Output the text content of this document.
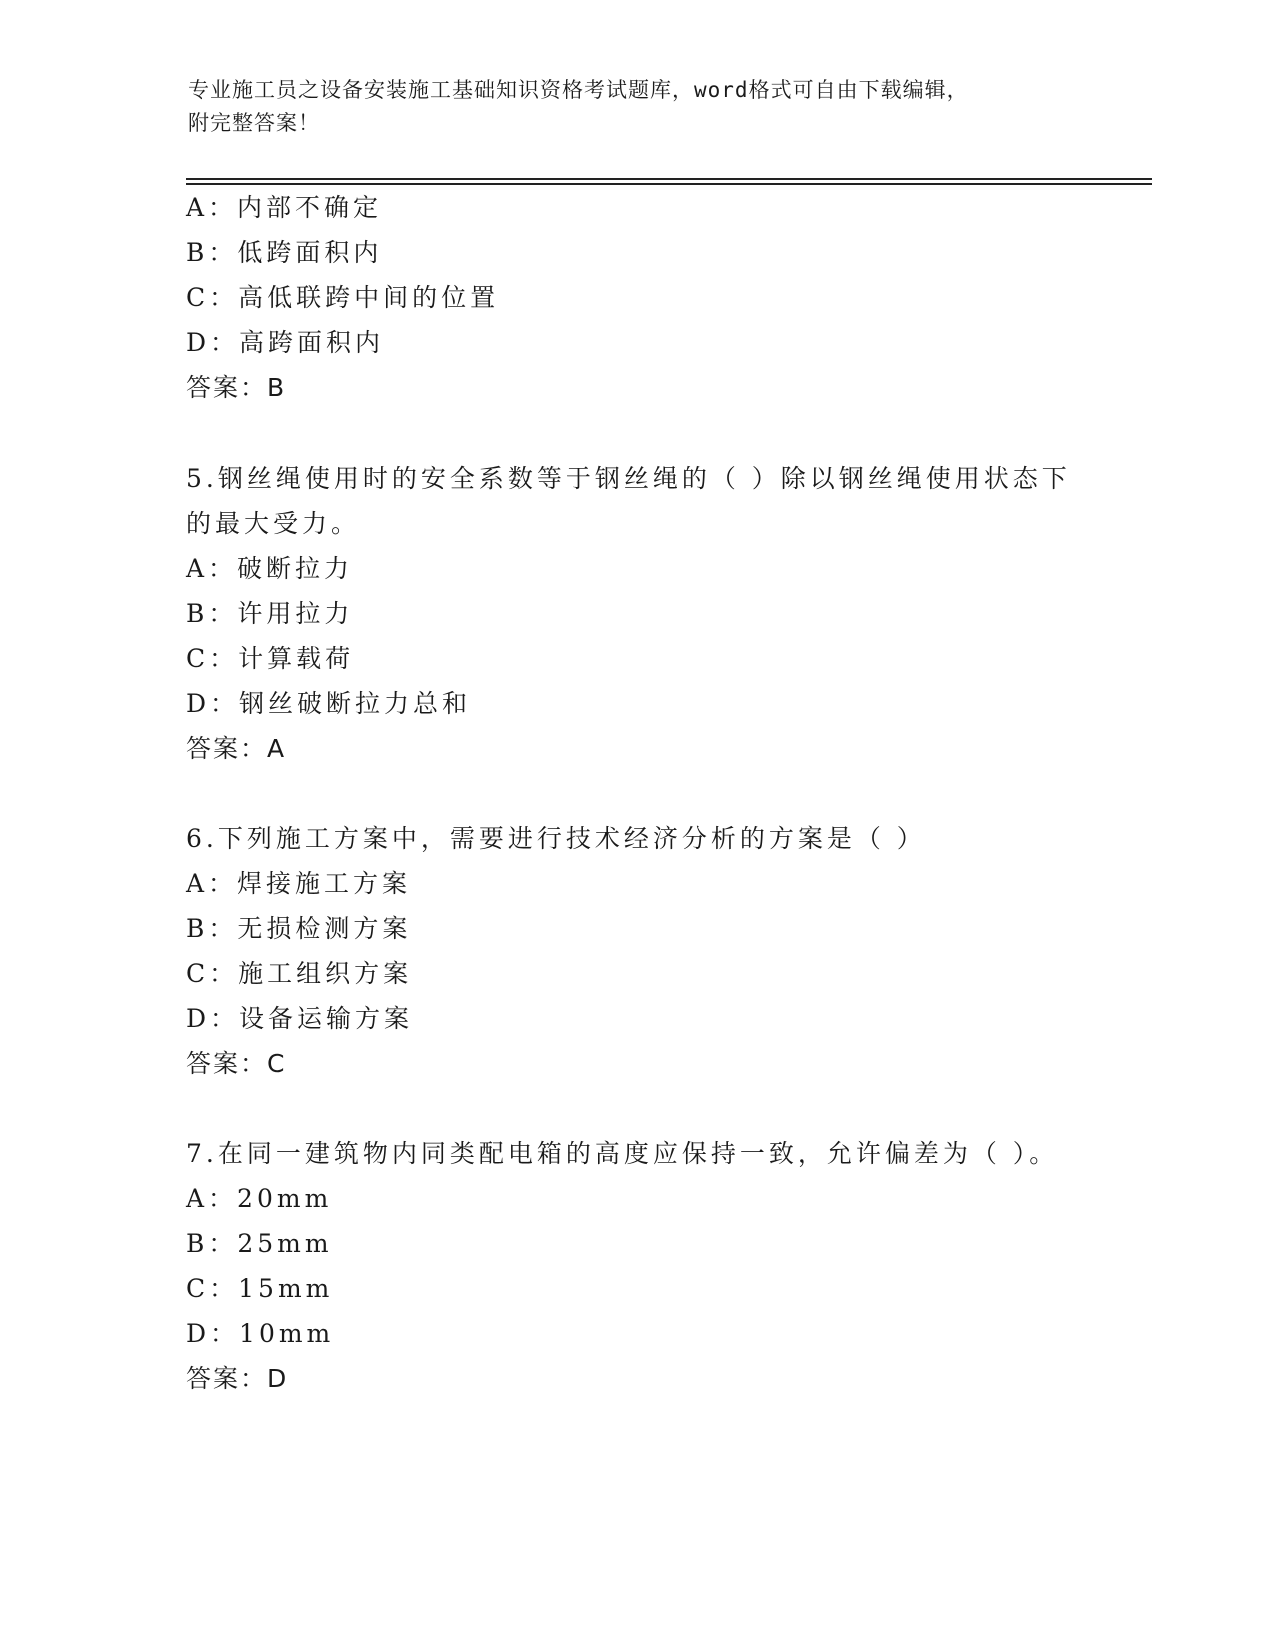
专业施工员之设备安装施工基础知识资格考试题库，word格式可自由下载编辑，
附完整答案！
A：内部不确定
B：低跨面积内
C：高低联跨中间的位置
D：高跨面积内
答案：B
5.钢丝绳使用时的安全系数等于钢丝绳的（ ）除以钢丝绳使用状态下
的最大受力。
A：破断拉力
B：许用拉力
C：计算载荷
D：钢丝破断拉力总和
答案：A
6.下列施工方案中，需要进行技术经济分析的方案是（ ）
A：焊接施工方案
B：无损检测方案
C：施工组织方案
D：设备运输方案
答案：C
7.在同一建筑物内同类配电箱的高度应保持一致，允许偏差为（ ）。
A：20mm
B：25mm
C：15mm
D：10mm
答案：D
